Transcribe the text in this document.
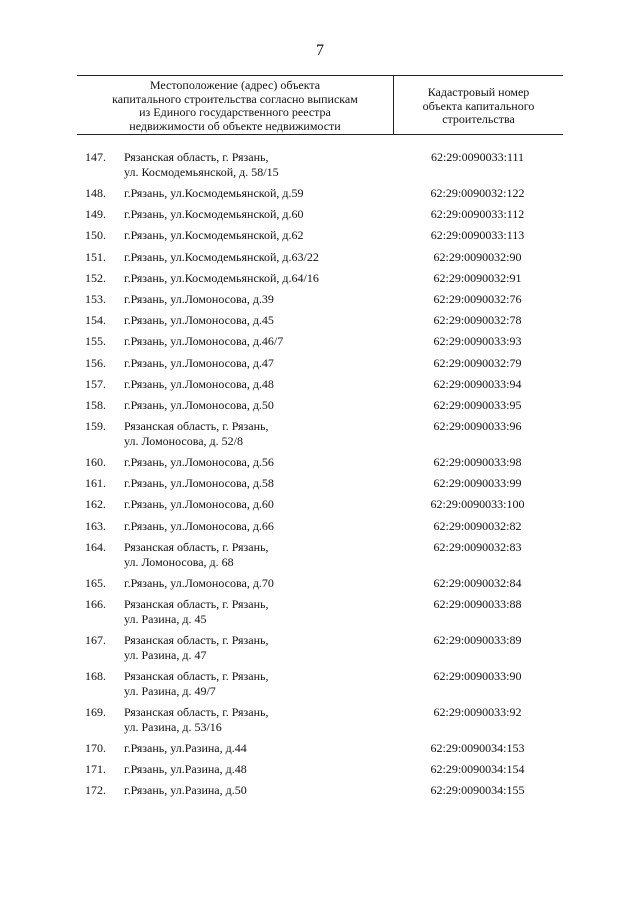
7
Местоположение (адрес) объекта
капитального строительства согласно выпискам
из Единого государственного реестра
недвижимости об объекте недвижимости
Кадастровый номер
объекта капитального
строительства
147. Рязанская область, г. Рязань,
ул. Космодемьянской, д. 58/15
62:29:0090033:111
148. г.Рязань, ул.Космодемьянской, д.59	62:29:0090032:122
149. г.Рязань, ул.Космодемьянской, д.60	62:29:0090033:112
150. г.Рязань, ул.Космодемьянской, д.62	62:29:0090033:113
151. г.Рязань, ул.Космодемьянской, д.63/22	62:29:0090032:90
152. г.Рязань, ул.Космодемьянской, д.64/16	62:29:0090032:91
153. г.Рязань, ул.Ломоносова, д.39	62:29:0090032:76
154. г.Рязань, ул.Ломоносова, д.45	62:29:0090032:78
155. г.Рязань, ул.Ломоносова, д.46/7	62:29:0090033:93
156. г.Рязань, ул.Ломоносова, д.47	62:29:0090032:79
157. г.Рязань, ул.Ломоносова, д.48	62:29:0090033:94
158. г.Рязань, ул.Ломоносова, д.50	62:29:0090033:95
159. Рязанская область, г. Рязань,
ул. Ломоносова, д. 52/8
62:29:0090033:96
160. г.Рязань, ул.Ломоносова, д.56	62:29:0090033:98
161. г.Рязань, ул.Ломоносова, д.58	62:29:0090033:99
162. г.Рязань, ул.Ломоносова, д.60	62:29:0090033:100
163. г.Рязань, ул.Ломоносова, д.66	62:29:0090032:82
164. Рязанская область, г. Рязань,
ул. Ломоносова, д. 68
62:29:0090032:83
165. г.Рязань, ул.Ломоносова, д.70	62:29:0090032:84
166. Рязанская область, г. Рязань,
ул. Разина, д. 45
62:29:0090033:88
167. Рязанская область, г. Рязань,
ул. Разина, д. 47
62:29:0090033:89
168. Рязанская область, г. Рязань,
ул. Разина, д. 49/7
62:29:0090033:90
169. Рязанская область, г. Рязань,
ул. Разина, д. 53/16
62:29:0090033:92
170. г.Рязань, ул.Разина, д.44	62:29:0090034:153
171. г.Рязань, ул.Разина, д.48	62:29:0090034:154
172. г.Рязань, ул.Разина, д.50	62:29:0090034:155
